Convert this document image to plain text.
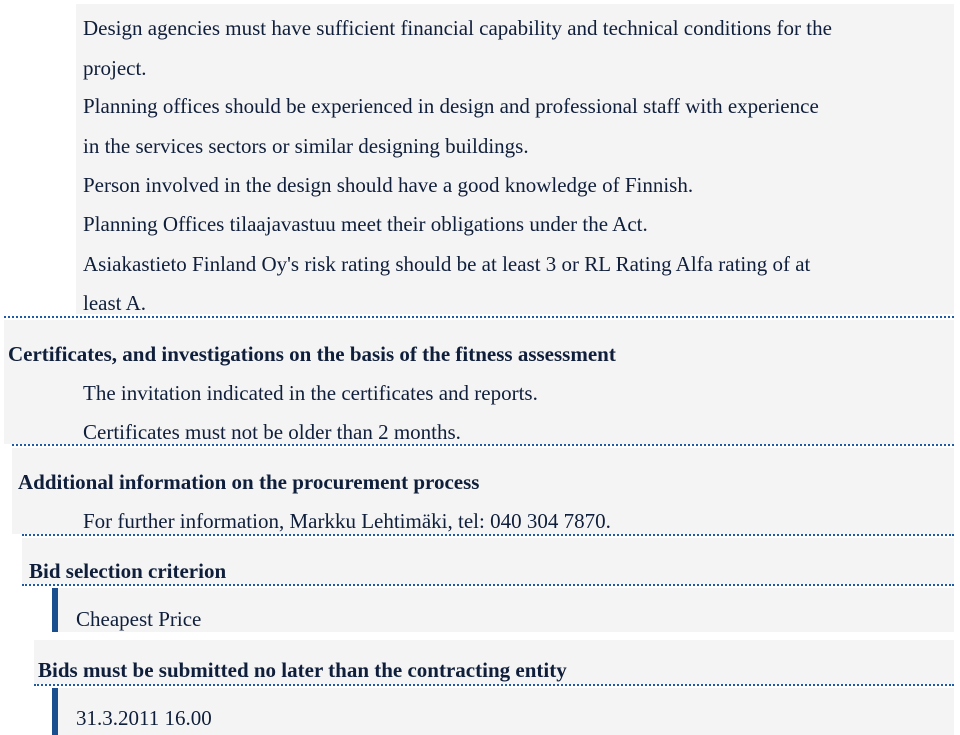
Design agencies must have sufficient financial capability and technical conditions for the
project.
Planning offices should be experienced in design and professional staff with experience
in the services sectors or similar designing buildings.
Person involved in the design should have a good knowledge of Finnish.
Planning Offices tilaajavastuu meet their obligations under the Act.
Asiakastieto Finland Oy's risk rating should be at least 3 or RL Rating Alfa rating of at
least A.
Certificates, and investigations on the basis of the fitness assessment
The invitation indicated in the certificates and reports.
Certificates must not be older than 2 months.
Additional information on the procurement process
For further information, Markku Lehtimäki, tel: 040 304 7870.
Bid selection criterion
Cheapest Price
Bids must be submitted no later than the contracting entity
31.3.2011 16.00
